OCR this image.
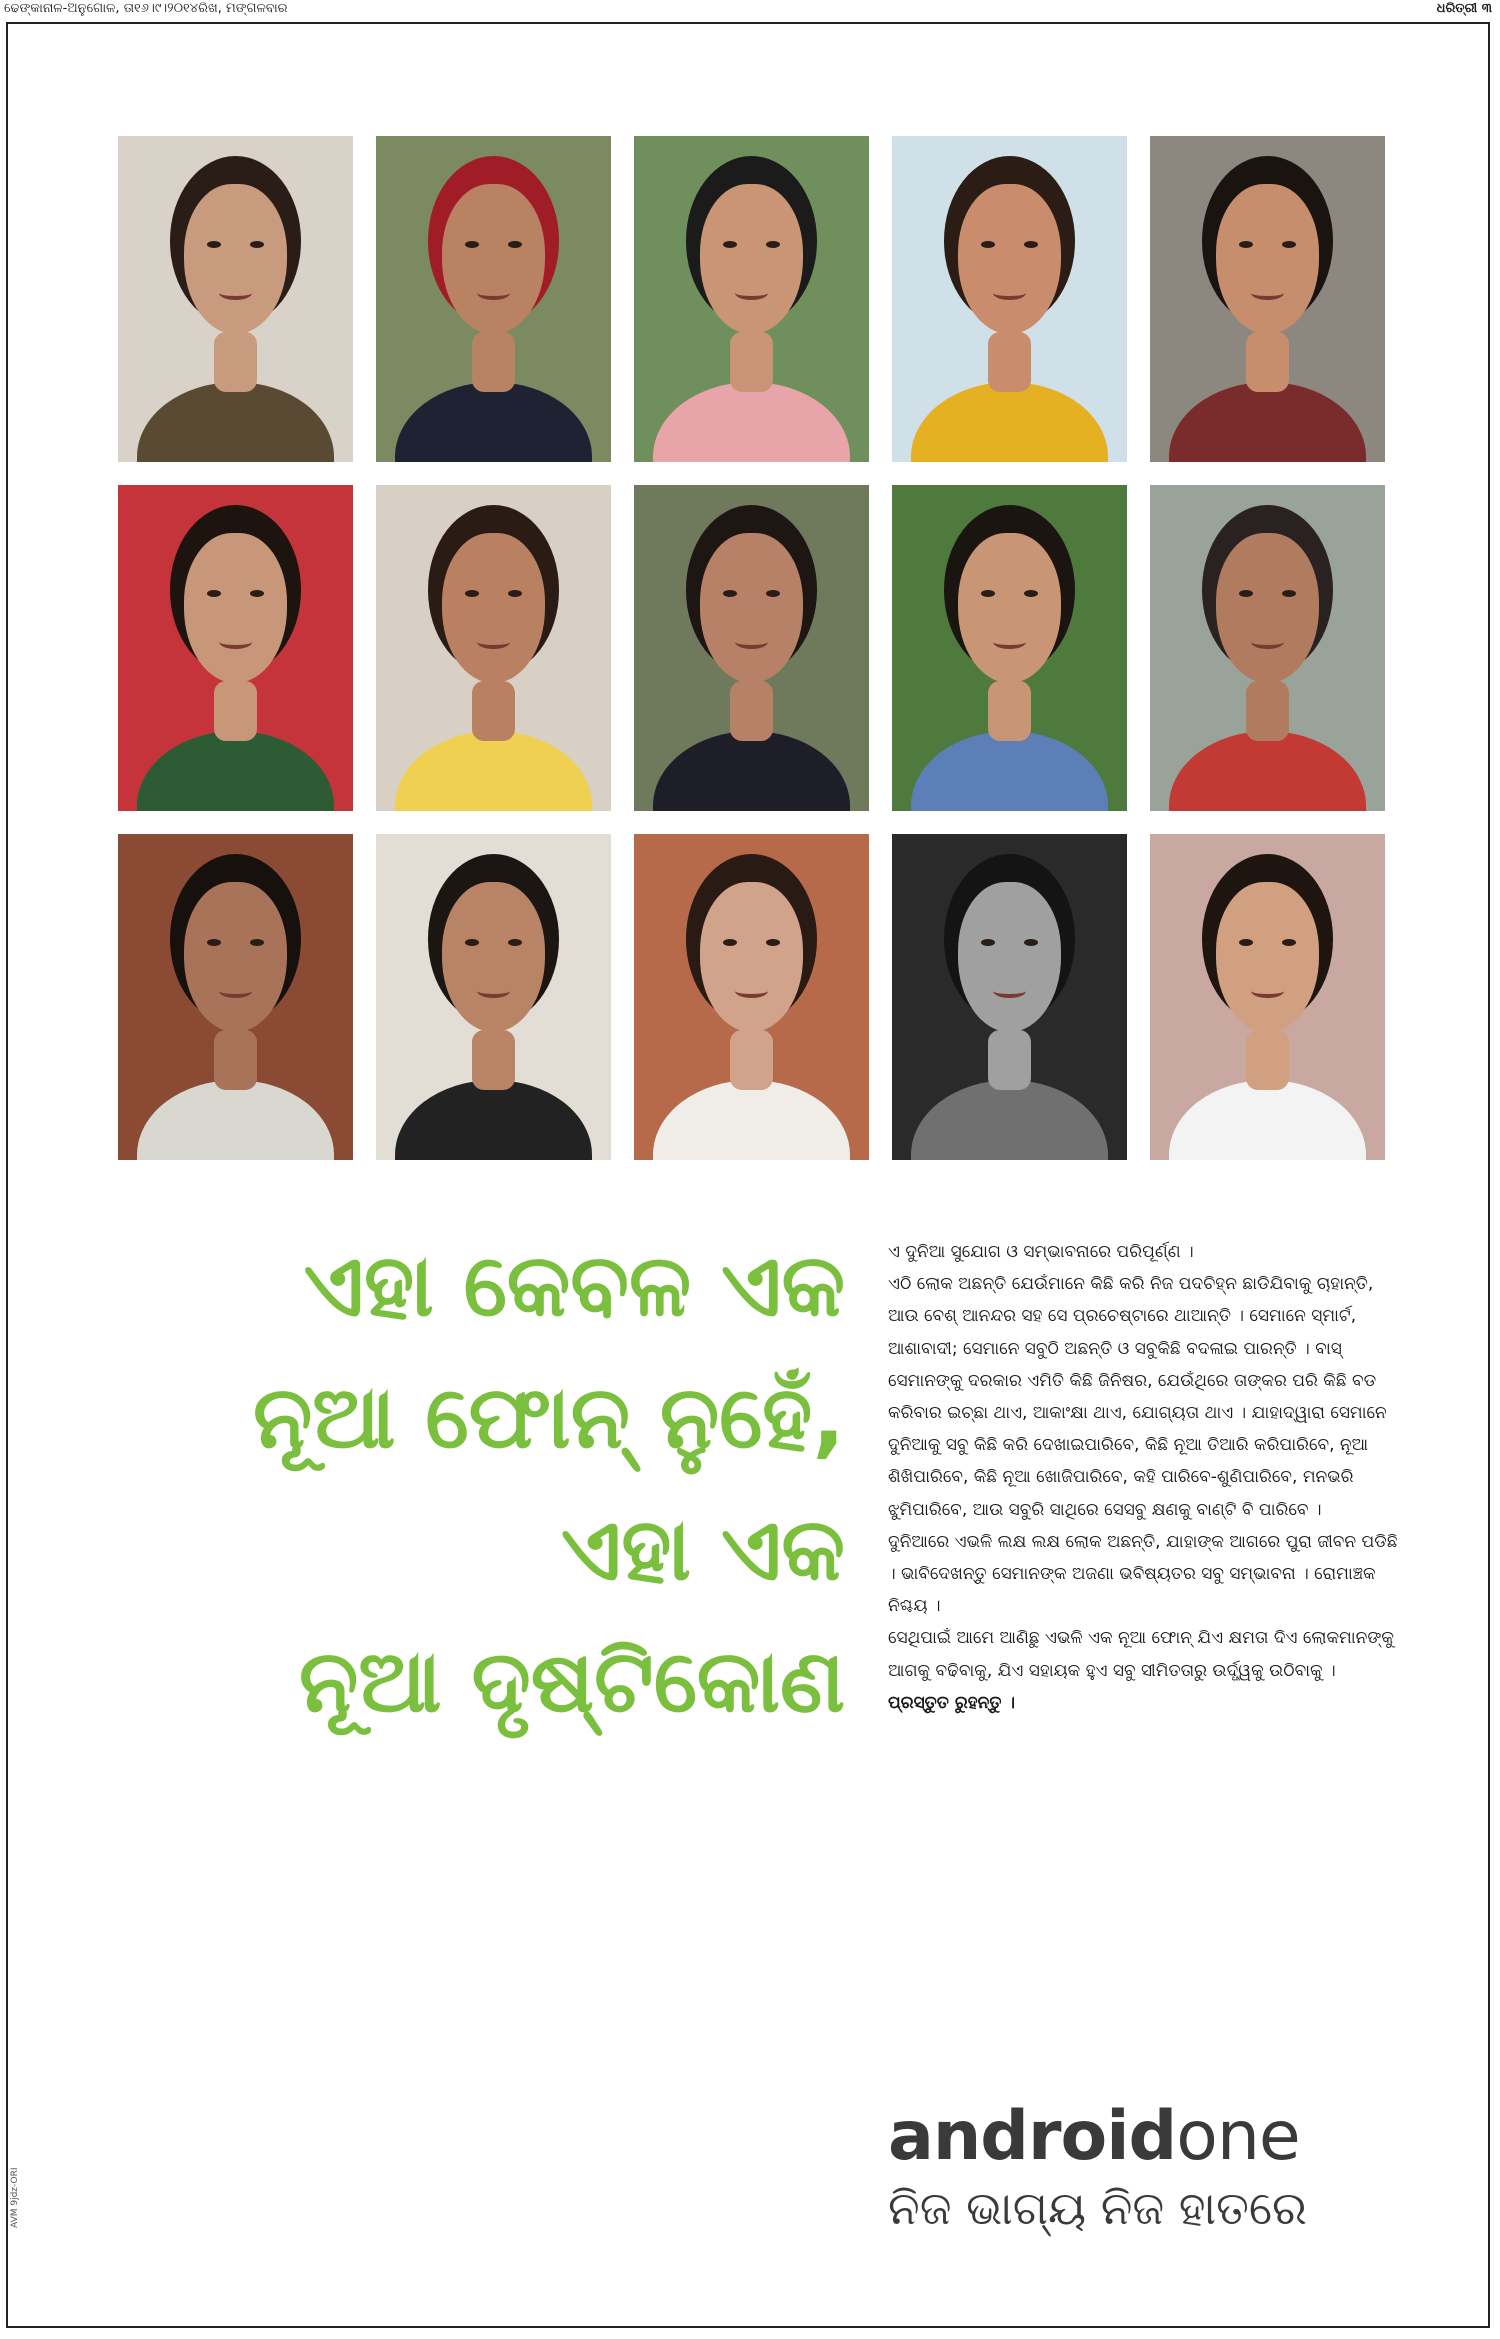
ଢେଙ୍କାନାଳ-ଅନୁଗୋଳ, ତା୧୬।୯।୨୦୧୪ରିଖ, ମଙ୍ଗଳବାର	ଧରିତ୍ରୀ ୩
ଏହା କେବଳ ଏକ
ନୂଆ ଫୋନ୍ ନୁହେଁ,
ଏହା ଏକ
ନୂଆ ଦୃଷ୍ଟିକୋଣ

ଏ ଦୁନିଆ ସୁଯୋଗ ଓ ସମ୍ଭାବନାରେ ପରିପୂର୍ଣ୍ଣ ।

ଏଠି ଲୋକ ଅଛନ୍ତି ଯେଉଁମାନେ କିଛି କରି ନିଜ ପଦଚିହ୍ନ ଛାଡିଯିବାକୁ ଚାହାନ୍ତି, ଆଉ ବେଶ୍ ଆନନ୍ଦର ସହ ସେ ପ୍ରଚେଷ୍ଟାରେ ଥାଆନ୍ତି । ସେମାନେ ସ୍ମାର୍ଟ, ଆଶାବାଦୀ; ସେମାନେ ସବୁଠି ଅଛନ୍ତି ଓ ସବୁକିଛି ବଦଳାଇ ପାରନ୍ତି । ବାସ୍ ସେମାନଙ୍କୁ ଦରକାର ଏମିତି କିଛି ଜିନିଷର, ଯେଉଁଥିରେ ତାଙ୍କର ପରି କିଛି ବଡ କରିବାର ଇଚ୍ଛା ଥାଏ, ଆକାଂକ୍ଷା ଥାଏ, ଯୋଗ୍ୟତା ଥାଏ । ଯାହାଦ୍ୱାରା ସେମାନେ ଦୁନିଆକୁ ସବୁ କିଛି କରି ଦେଖାଇପାରିବେ, କିଛି ନୂଆ ତିଆରି କରିପାରିବେ, ନୂଆ ଶିଖିପାରିବେ, କିଛି ନୂଆ ଖୋଜିପାରିବେ, କହି ପାରିବେ-ଶୁଣିପାରିବେ, ମନଭରି ଝୁମିପାରିବେ, ଆଉ ସବୁରି ସାଥିରେ ସେସବୁ କ୍ଷଣକୁ ବାଣ୍ଟି ବି ପାରିବେ ।

ଦୁନିଆରେ ଏଭଳି ଲକ୍ଷ ଲକ୍ଷ ଲୋକ ଅଛନ୍ତି, ଯାହାଙ୍କ ଆଗରେ ପୁରା ଜୀବନ ପଡିଛି । ଭାବିଦେଖନ୍ତୁ ସେମାନଙ୍କ ଅଜଣା ଭବିଷ୍ୟତର ସବୁ ସମ୍ଭାବନା । ରୋମାଞ୍ଚକ ନିଶ୍ଚୟ ।

ସେଥିପାଇଁ ଆମେ ଆଣିଛୁ ଏଭଳି ଏକ ନୂଆ ଫୋନ୍ ଯିଏ କ୍ଷମତା ଦିଏ ଲୋକମାନଙ୍କୁ ଆଗକୁ ବଢିବାକୁ, ଯିଏ ସହାୟକ ହୁଏ ସବୁ ସୀମିତତାରୁ ଉର୍ଦ୍ଧ୍ୱକୁ ଉଠିବାକୁ ।

ପ୍ରସ୍ତୁତ ରୁହନ୍ତୁ ।

androidone
ନିଜ ଭାଗ୍ୟ ନିଜ ହାତରେ
AVM 9jdz-ORI
